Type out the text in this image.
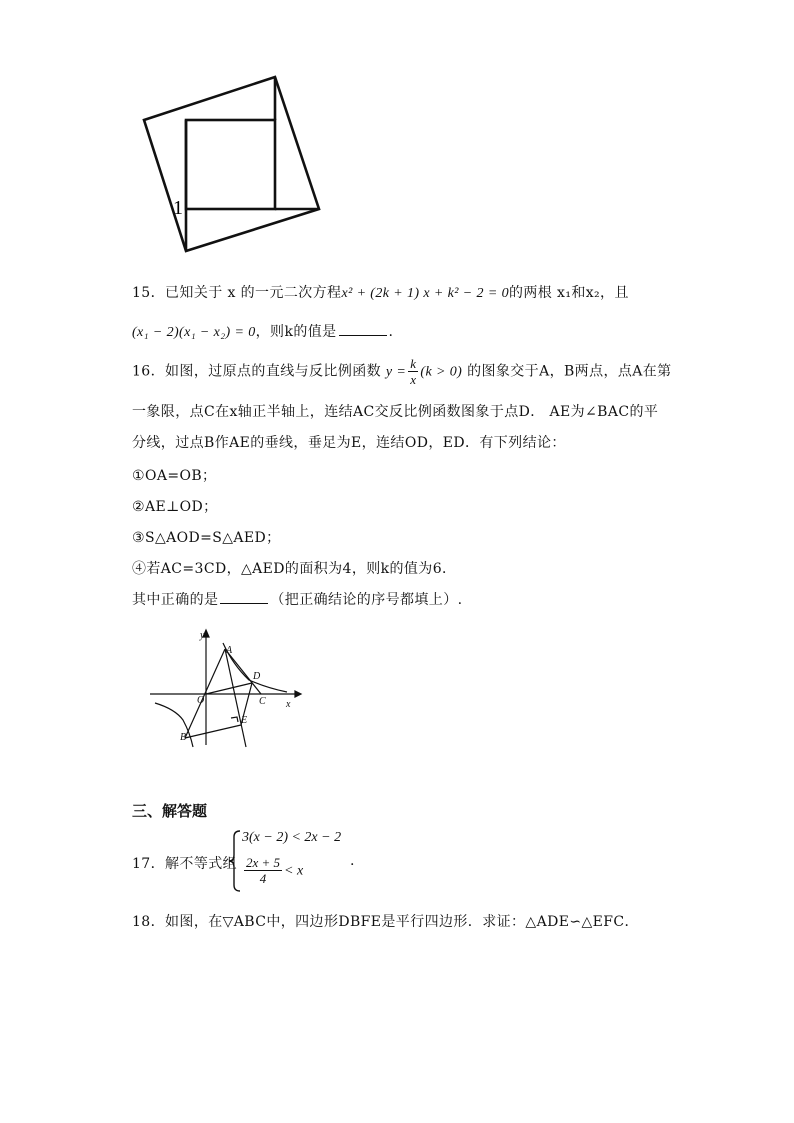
1
15．已知关于 x 的一元二次方程x² + (2k + 1) x + k² − 2 = 0的两根 x₁和x₂，且
(x₁ − 2)(x₁ − x₂) = 0，则k的值是	.
16．如图，过原点的直线与反比例函数 $y = \frac{k}{x} (k > 0)$ 的图象交于A，B两点，点A在第
一象限，点C在x轴正半轴上，连结AC交反比例函数图象于点D． AE为∠BAC的平
分线，过点B作AE的垂线，垂足为E，连结OD，ED．有下列结论：
①OA=OB；
②AE⊥OD；
③S△AOD=S△AED；
④若AC=3CD，△AED的面积为4，则k的值为6．
其中正确的是	（把正确结论的序号都填上）.
y
x
A
D
O	C
E
B
三、解答题
17．解不等式组
3(x − 2) < 2x − 2
$\frac{2x + 5}{4} < x$
.
18．如图，在▽ABC中，四边形DBFE是平行四边形．求证：△ADE∽△EFC．
